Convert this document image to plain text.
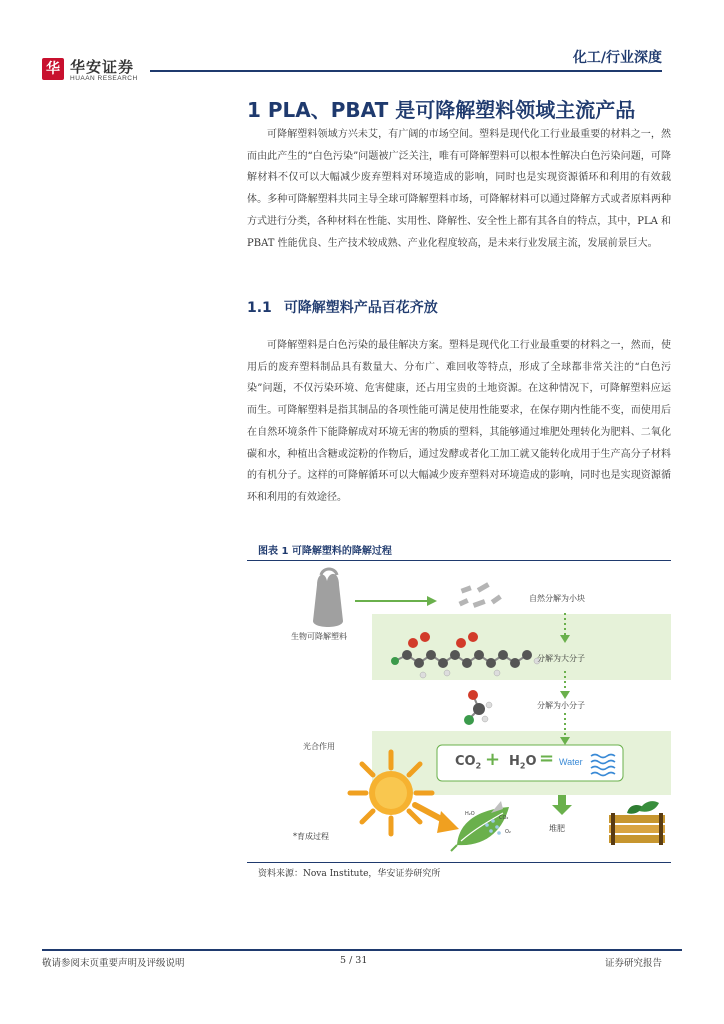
华 华安证券
HUAAN RESEARCH
化工/行业深度
1 PLA、PBAT 是可降解塑料领域主流产品
可降解塑料领域方兴未艾，有广阔的市场空间。塑料是现代化工行业最重要的材料之一，然而由此产生的“白色污染”问题被广泛关注，唯有可降解塑料可以根本性解决白色污染问题，可降解材料不仅可以大幅减少废弃塑料对环境造成的影响，同时也是实现资源循环和利用的有效载体。多种可降解塑料共同主导全球可降解塑料市场，可降解材料可以通过降解方式或者原料两种方式进行分类，各种材料在性能、实用性、降解性、安全性上都有其各自的特点，其中，PLA 和 PBAT 性能优良、生产技术较成熟、产业化程度较高，是未来行业发展主流，发展前景巨大。
1.1 可降解塑料产品百花齐放
可降解塑料是白色污染的最佳解决方案。塑料是现代化工行业最重要的材料之一，然而，使用后的废弃塑料制品具有数量大、分布广、难回收等特点，形成了全球都非常关注的“白色污染”问题，不仅污染环境、危害健康，还占用宝贵的土地资源。在这种情况下，可降解塑料应运而生。可降解塑料是指其制品的各项性能可满足使用性能要求，在保存期内性能不变，而使用后在自然环境条件下能降解成对环境无害的物质的塑料，其能够通过堆肥处理转化为肥料、二氧化碳和水，种植出含糖或淀粉的作物后，通过发酵或者化工加工就又能转化成用于生产高分子材料的有机分子。这样的可降解循环可以大幅减少废弃塑料对环境造成的影响，同时也是实现资源循环和利用的有效途径。
图表 1 可降解塑料的降解过程
自然分解为小块
生物可降解塑料
分解为大分子
分解为小分子
光合作用
堆肥
*育成过程
$CO_2 + H_2O$ = Water
H₂O
CO₂
O₂
资料来源：Nova Institute，华安证券研究所
敬请参阅末页重要声明及评级说明	5 / 31	证券研究报告
